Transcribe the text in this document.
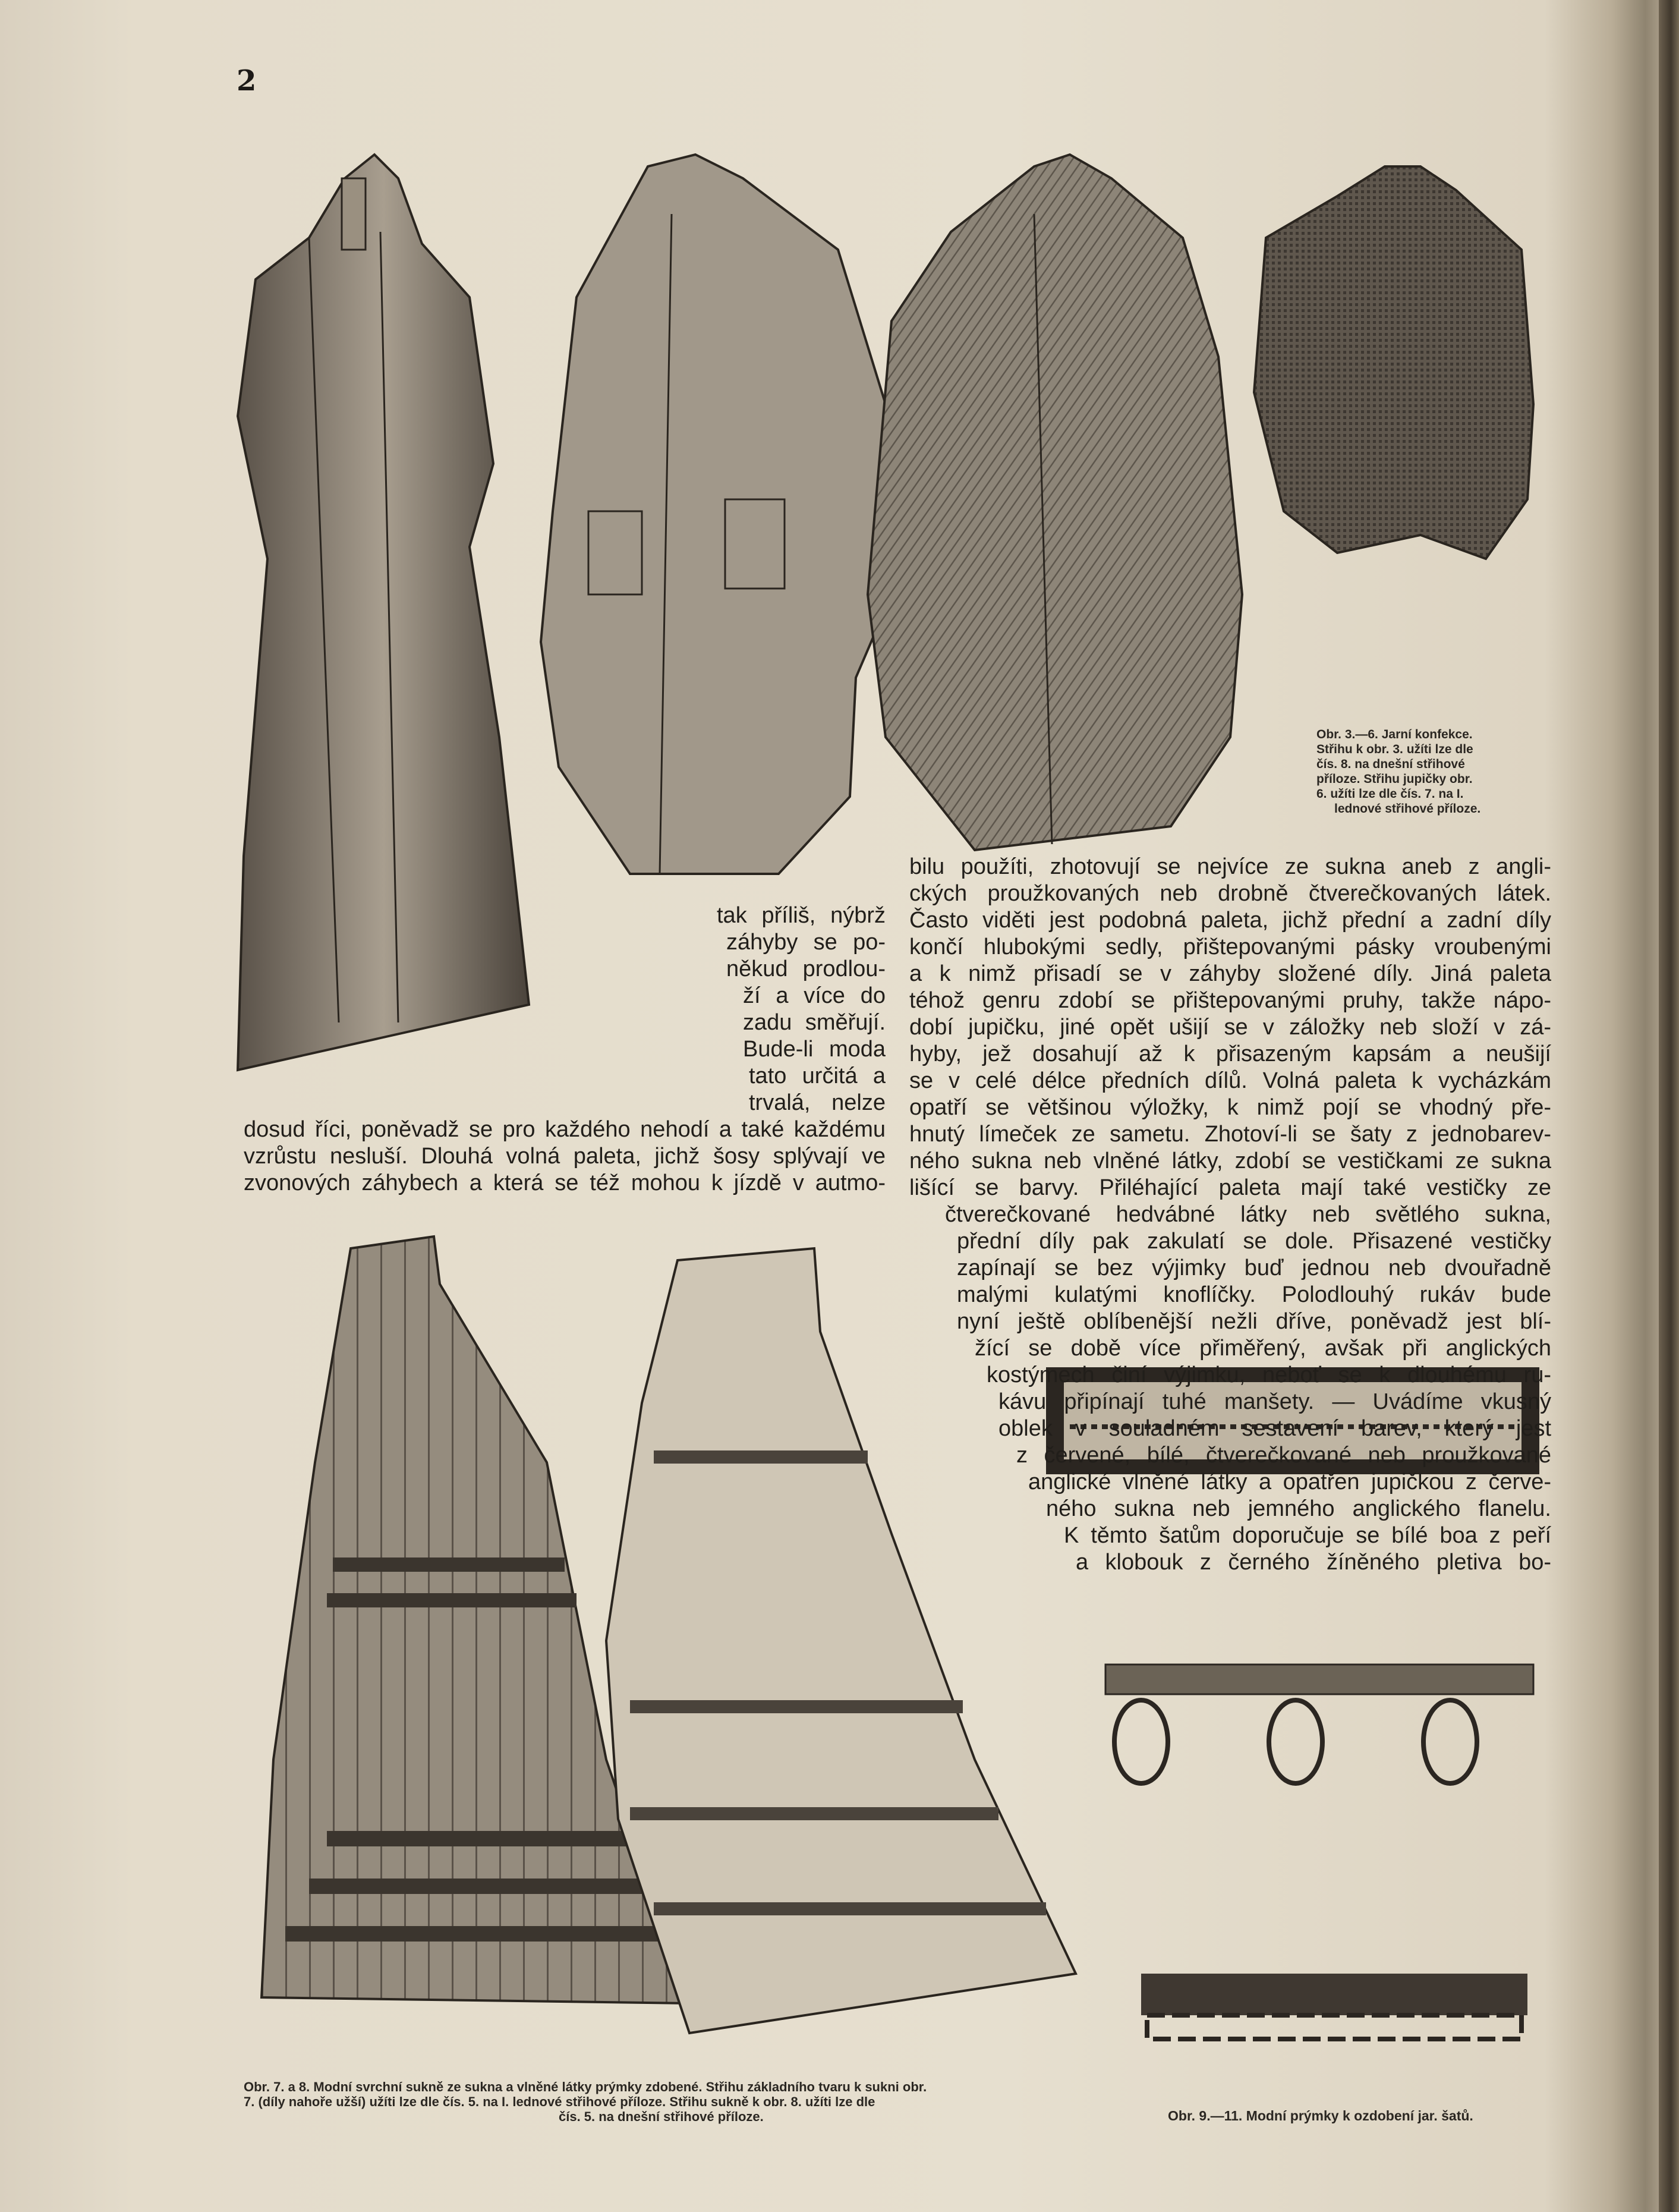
2
Obr. 3.—6. Jarní konfekce.
Střihu k obr. 3. užíti lze dle
čís. 8. na dnešní střihové
příloze. Střihu jupičky obr.
6. užíti lze dle čís. 7. na I.
lednové střihové příloze.
tak příliš, nýbrž
záhyby se po-
někud prodlou-
ží a více do
zadu směřují.
Bude-li moda
tato určitá a
trvalá, nelze
dosud říci, poněvadž se pro každého nehodí a také každému
vzrůstu nesluší. Dlouhá volná paleta, jichž šosy splývají ve
zvonových záhybech a která se též mohou k jízdě v autmo-
bilu použíti, zhotovují se nejvíce ze sukna aneb z angli-
ckých proužkovaných neb drobně čtverečkovaných látek.
Často viděti jest podobná paleta, jichž přední a zadní díly
končí hlubokými sedly, přištepovanými pásky vroubenými
a k nimž přisadí se v záhyby složené díly. Jiná paleta
téhož genru zdobí se přištepovanými pruhy, takže nápo-
dobí jupičku, jiné opět ušijí se v záložky neb složí v zá-
hyby, jež dosahují až k přisazeným kapsám a neušijí
se v celé délce předních dílů. Volná paleta k vycházkám
opatří se většinou výložky, k nimž pojí se vhodný pře-
hnutý límeček ze sametu. Zhotoví-li se šaty z jednobarev-
ného sukna neb vlněné látky, zdobí se vestičkami ze sukna
lišící se barvy. Přiléhající paleta mají také vestičky ze
čtverečkované hedvábné látky neb světlého sukna,
přední díly pak zakulatí se dole. Přisazené vestičky
zapínají se bez výjimky buď jednou neb dvouřadně
malými kulatými knoflíčky. Polodlouhý rukáv bude
nyní ještě oblíbenější nežli dříve, poněvadž jest blí-
žící se době více přiměřený, avšak při anglických
kostýmech činí výjimku, neboť se k dlouhému ru-
kávu připínají tuhé manšety. — Uvádíme vkusný
oblek v souladném sestavení barev, který jest
z červené, bílé, čtverečkované neb proužkované
anglické vlněné látky a opatřen jupičkou z červe-
ného sukna neb jemného anglického flanelu.
K těmto šatům doporučuje se bílé boa z peří
a klobouk z černého žíněného pletiva bo-
Obr. 7. a 8. Modní svrchní sukně ze sukna a vlněné látky prýmky zdobené. Střihu základního tvaru k sukni obr.
7. (díly nahoře užší) užíti lze dle čís. 5. na I. lednové střihové příloze. Střihu sukně k obr. 8. užíti lze dle
čís. 5. na dnešní střihové příloze.	Obr. 9.—11. Modní prýmky k ozdobení jar. šatů.
